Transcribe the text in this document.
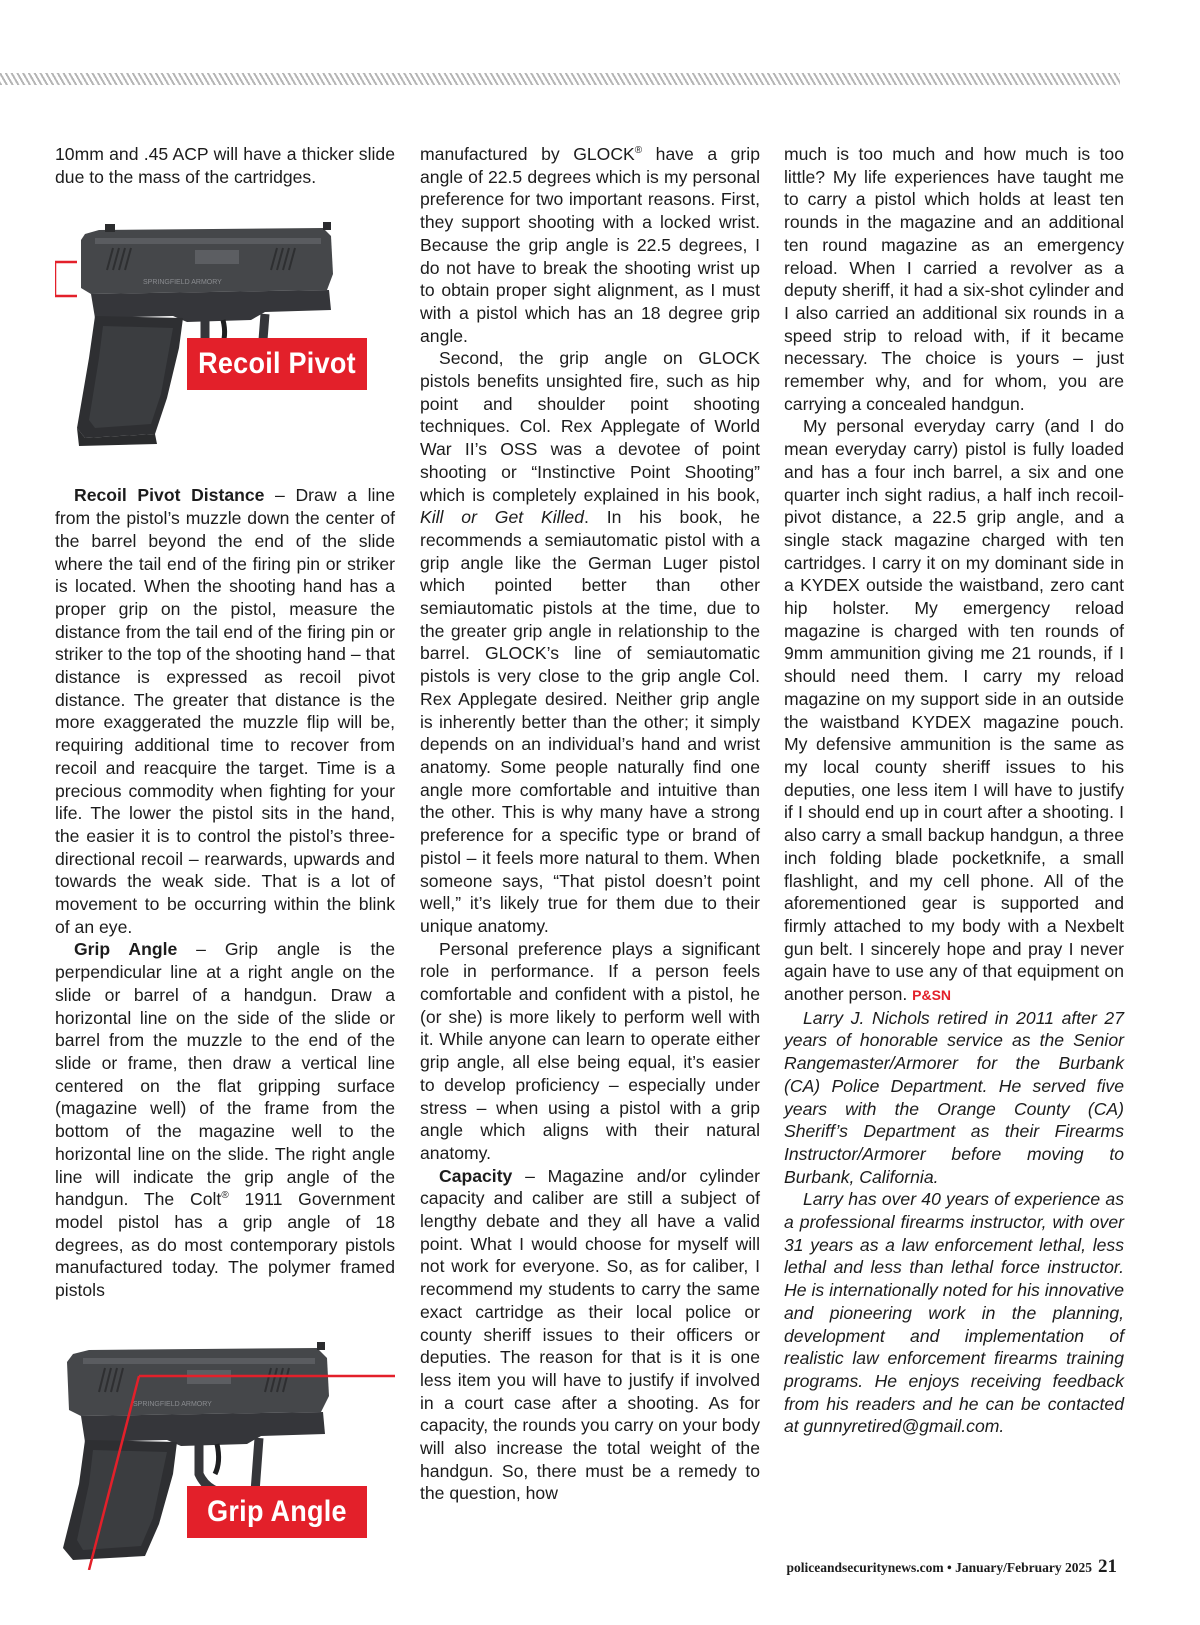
10mm and .45 ACP will have a thicker slide due to the mass of the cartridges.

SPRINGFIELD ARMORY
Recoil Pivot

Recoil Pivot Distance – Draw a line from the pistol’s muzzle down the center of the barrel beyond the end of the slide where the tail end of the firing pin or striker is located. When the shooting hand has a proper grip on the pistol, measure the distance from the tail end of the firing pin or striker to the top of the shooting hand – that distance is expressed as recoil pivot distance. The greater that distance is the more exaggerated the muzzle flip will be, requiring additional time to recover from recoil and reacquire the target. Time is a precious commodity when fighting for your life. The lower the pistol sits in the hand, the easier it is to control the pistol’s three-directional recoil – rearwards, upwards and towards the weak side. That is a lot of movement to be occurring within the blink of an eye.

Grip Angle – Grip angle is the perpendicular line at a right angle on the slide or barrel of a handgun. Draw a horizontal line on the side of the slide or barrel from the muzzle to the end of the slide or frame, then draw a vertical line centered on the flat gripping surface (magazine well) of the frame from the bottom of the magazine well to the horizontal line on the slide. The right angle line will indicate the grip angle of the handgun. The Colt® 1911 Government model pistol has a grip angle of 18 degrees, as do most contemporary pistols manufactured today. The polymer framed pistols

SPRINGFIELD ARMORY
Grip Angle

manufactured by GLOCK® have a grip angle of 22.5 degrees which is my personal preference for two important reasons. First, they support shooting with a locked wrist. Because the grip angle is 22.5 degrees, I do not have to break the shooting wrist up to obtain proper sight alignment, as I must with a pistol which has an 18 degree grip angle.

Second, the grip angle on GLOCK pistols benefits unsighted fire, such as hip point and shoulder point shooting techniques. Col. Rex Applegate of World War II’s OSS was a devotee of point shooting or “Instinctive Point Shooting” which is completely explained in his book, Kill or Get Killed. In his book, he recommends a semiautomatic pistol with a grip angle like the German Luger pistol which pointed better than other semiautomatic pistols at the time, due to the greater grip angle in relationship to the barrel. GLOCK’s line of semiautomatic pistols is very close to the grip angle Col. Rex Applegate desired. Neither grip angle is inherently better than the other; it simply depends on an individual’s hand and wrist anatomy. Some people naturally find one angle more comfortable and intuitive than the other. This is why many have a strong preference for a specific type or brand of pistol – it feels more natural to them. When someone says, “That pistol doesn’t point well,” it’s likely true for them due to their unique anatomy.

Personal preference plays a significant role in performance. If a person feels comfortable and confident with a pistol, he (or she) is more likely to perform well with it. While anyone can learn to operate either grip angle, all else being equal, it’s easier to develop proficiency – especially under stress – when using a pistol with a grip angle which aligns with their natural anatomy.

Capacity – Magazine and/or cylinder capacity and caliber are still a subject of lengthy debate and they all have a valid point. What I would choose for myself will not work for everyone. So, as for caliber, I recommend my students to carry the same exact cartridge as their local police or county sheriff issues to their officers or deputies. The reason for that is it is one less item you will have to justify if involved in a court case after a shooting. As for capacity, the rounds you carry on your body will also increase the total weight of the handgun. So, there must be a remedy to the question, how

much is too much and how much is too little? My life experiences have taught me to carry a pistol which holds at least ten rounds in the magazine and an additional ten round magazine as an emergency reload. When I carried a revolver as a deputy sheriff, it had a six-shot cylinder and I also carried an additional six rounds in a speed strip to reload with, if it became necessary. The choice is yours – just remember why, and for whom, you are carrying a concealed handgun.

My personal everyday carry (and I do mean everyday carry) pistol is fully loaded and has a four inch barrel, a six and one quarter inch sight radius, a half inch recoil-pivot distance, a 22.5 grip angle, and a single stack magazine charged with ten cartridges. I carry it on my dominant side in a KYDEX outside the waistband, zero cant hip holster. My emergency reload magazine is charged with ten rounds of 9mm ammunition giving me 21 rounds, if I should need them. I carry my reload magazine on my support side in an outside the waistband KYDEX magazine pouch. My defensive ammunition is the same as my local county sheriff issues to his deputies, one less item I will have to justify if I should end up in court after a shooting. I also carry a small backup handgun, a three inch folding blade pocketknife, a small flashlight, and my cell phone. All of the aforementioned gear is supported and firmly attached to my body with a Nexbelt gun belt. I sincerely hope and pray I never again have to use any of that equipment on another person. P&SN

Larry J. Nichols retired in 2011 after 27 years of honorable service as the Senior Rangemaster/Armorer for the Burbank (CA) Police Department. He served five years with the Orange County (CA) Sheriff’s Department as their Firearms Instructor/Armorer before moving to Burbank, California.

Larry has over 40 years of experience as a professional firearms instructor, with over 31 years as a law enforcement lethal, less lethal and less than lethal force instructor. He is internationally noted for his innovative and pioneering work in the planning, development and implementation of realistic law enforcement firearms training programs. He enjoys receiving feedback from his readers and he can be contacted at gunnyretired@gmail.com.

policeandsecuritynews.com • January/February 2025 21
